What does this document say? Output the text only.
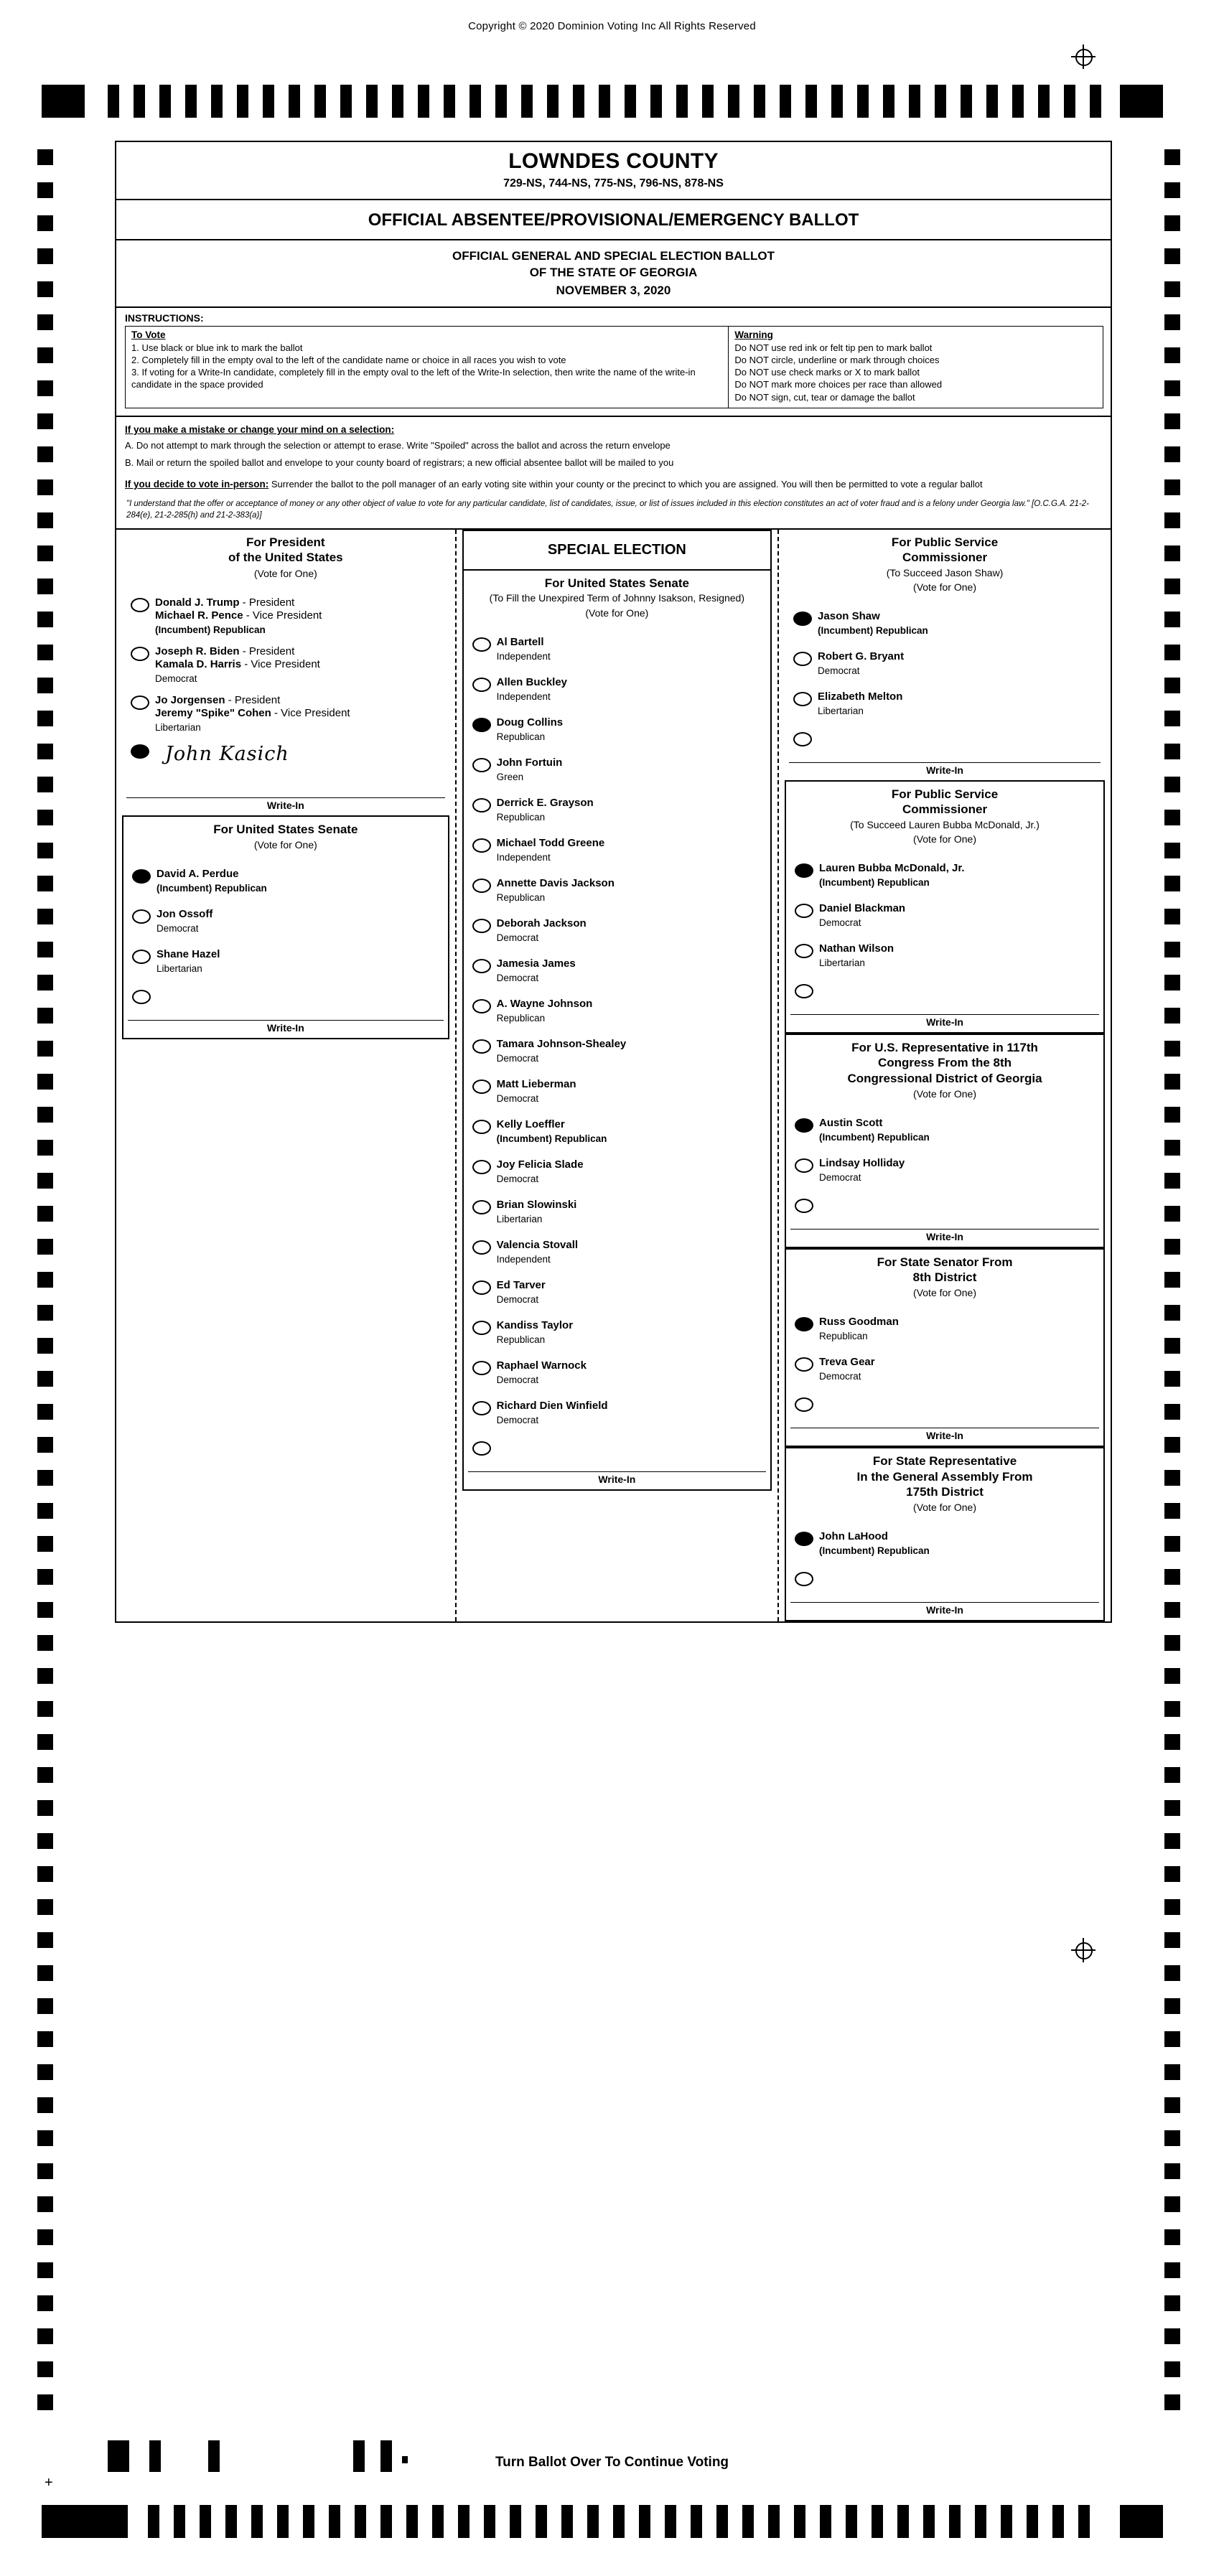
Copyright © 2020 Dominion Voting Inc All Rights Reserved
LOWNDES COUNTY
729-NS, 744-NS, 775-NS, 796-NS, 878-NS
OFFICIAL ABSENTEE/PROVISIONAL/EMERGENCY BALLOT
OFFICIAL GENERAL AND SPECIAL ELECTION BALLOT
OF THE STATE OF GEORGIA
NOVEMBER 3, 2020
INSTRUCTIONS:
To Vote
1. Use black or blue ink to mark the ballot
2. Completely fill in the empty oval to the left of the candidate name or choice in all races you wish to vote
3. If voting for a Write-In candidate, completely fill in the empty oval to the left of the Write-In selection, then write the name of the write-in candidate in the space provided
Warning
Do NOT use red ink or felt tip pen to mark ballot
Do NOT circle, underline or mark through choices
Do NOT use check marks or X to mark ballot
Do NOT mark more choices per race than allowed
Do NOT sign, cut, tear or damage the ballot
If you make a mistake or change your mind on a selection:
A. Do not attempt to mark through the selection or attempt to erase. Write "Spoiled" across the ballot and across the return envelope
B. Mail or return the spoiled ballot and envelope to your county board of registrars; a new official absentee ballot will be mailed to you
If you decide to vote in-person: Surrender the ballot to the poll manager of an early voting site within your county or the precinct to which you are assigned. You will then be permitted to vote a regular ballot
"I understand that the offer or acceptance of money or any other object of value to vote for any particular candidate, list of candidates, issue, or list of issues included in this election constitutes an act of voter fraud and is a felony under Georgia law." [O.C.G.A. 21-2-284(e), 21-2-285(h) and 21-2-383(a)]
For President
of the United States
(Vote for One)
Donald J. Trump - President
Michael R. Pence - Vice President
(Incumbent) Republican
Joseph R. Biden - President
Kamala D. Harris - Vice President
Democrat
Jo Jorgensen - President
Jeremy "Spike" Cohen - Vice President
Libertarian
John Kasich
Write-In
For United States Senate
(Vote for One)
David A. Perdue
(Incumbent) Republican
Jon Ossoff
Democrat
Shane Hazel
Libertarian
Write-In
SPECIAL ELECTION
For United States Senate
(To Fill the Unexpired Term of Johnny Isakson, Resigned)
(Vote for One)
Al Bartell
Independent
Allen Buckley
Independent
Doug Collins
Republican
John Fortuin
Green
Derrick E. Grayson
Republican
Michael Todd Greene
Independent
Annette Davis Jackson
Republican
Deborah Jackson
Democrat
Jamesia James
Democrat
A. Wayne Johnson
Republican
Tamara Johnson-Shealey
Democrat
Matt Lieberman
Democrat
Kelly Loeffler
(Incumbent) Republican
Joy Felicia Slade
Democrat
Brian Slowinski
Libertarian
Valencia Stovall
Independent
Ed Tarver
Democrat
Kandiss Taylor
Republican
Raphael Warnock
Democrat
Richard Dien Winfield
Democrat
Write-In
For Public Service
Commissioner
(To Succeed Jason Shaw)
(Vote for One)
Jason Shaw
(Incumbent) Republican
Robert G. Bryant
Democrat
Elizabeth Melton
Libertarian
Write-In
For Public Service
Commissioner
(To Succeed Lauren Bubba McDonald, Jr.)
(Vote for One)
Lauren Bubba McDonald, Jr.
(Incumbent) Republican
Daniel Blackman
Democrat
Nathan Wilson
Libertarian
Write-In
For U.S. Representative in 117th
Congress From the 8th
Congressional District of Georgia
(Vote for One)
Austin Scott
(Incumbent) Republican
Lindsay Holliday
Democrat
Write-In
For State Senator From
8th District
(Vote for One)
Russ Goodman
Republican
Treva Gear
Democrat
Write-In
For State Representative
In the General Assembly From
175th District
(Vote for One)
John LaHood
(Incumbent) Republican
Write-In
Turn Ballot Over To Continue Voting
+
